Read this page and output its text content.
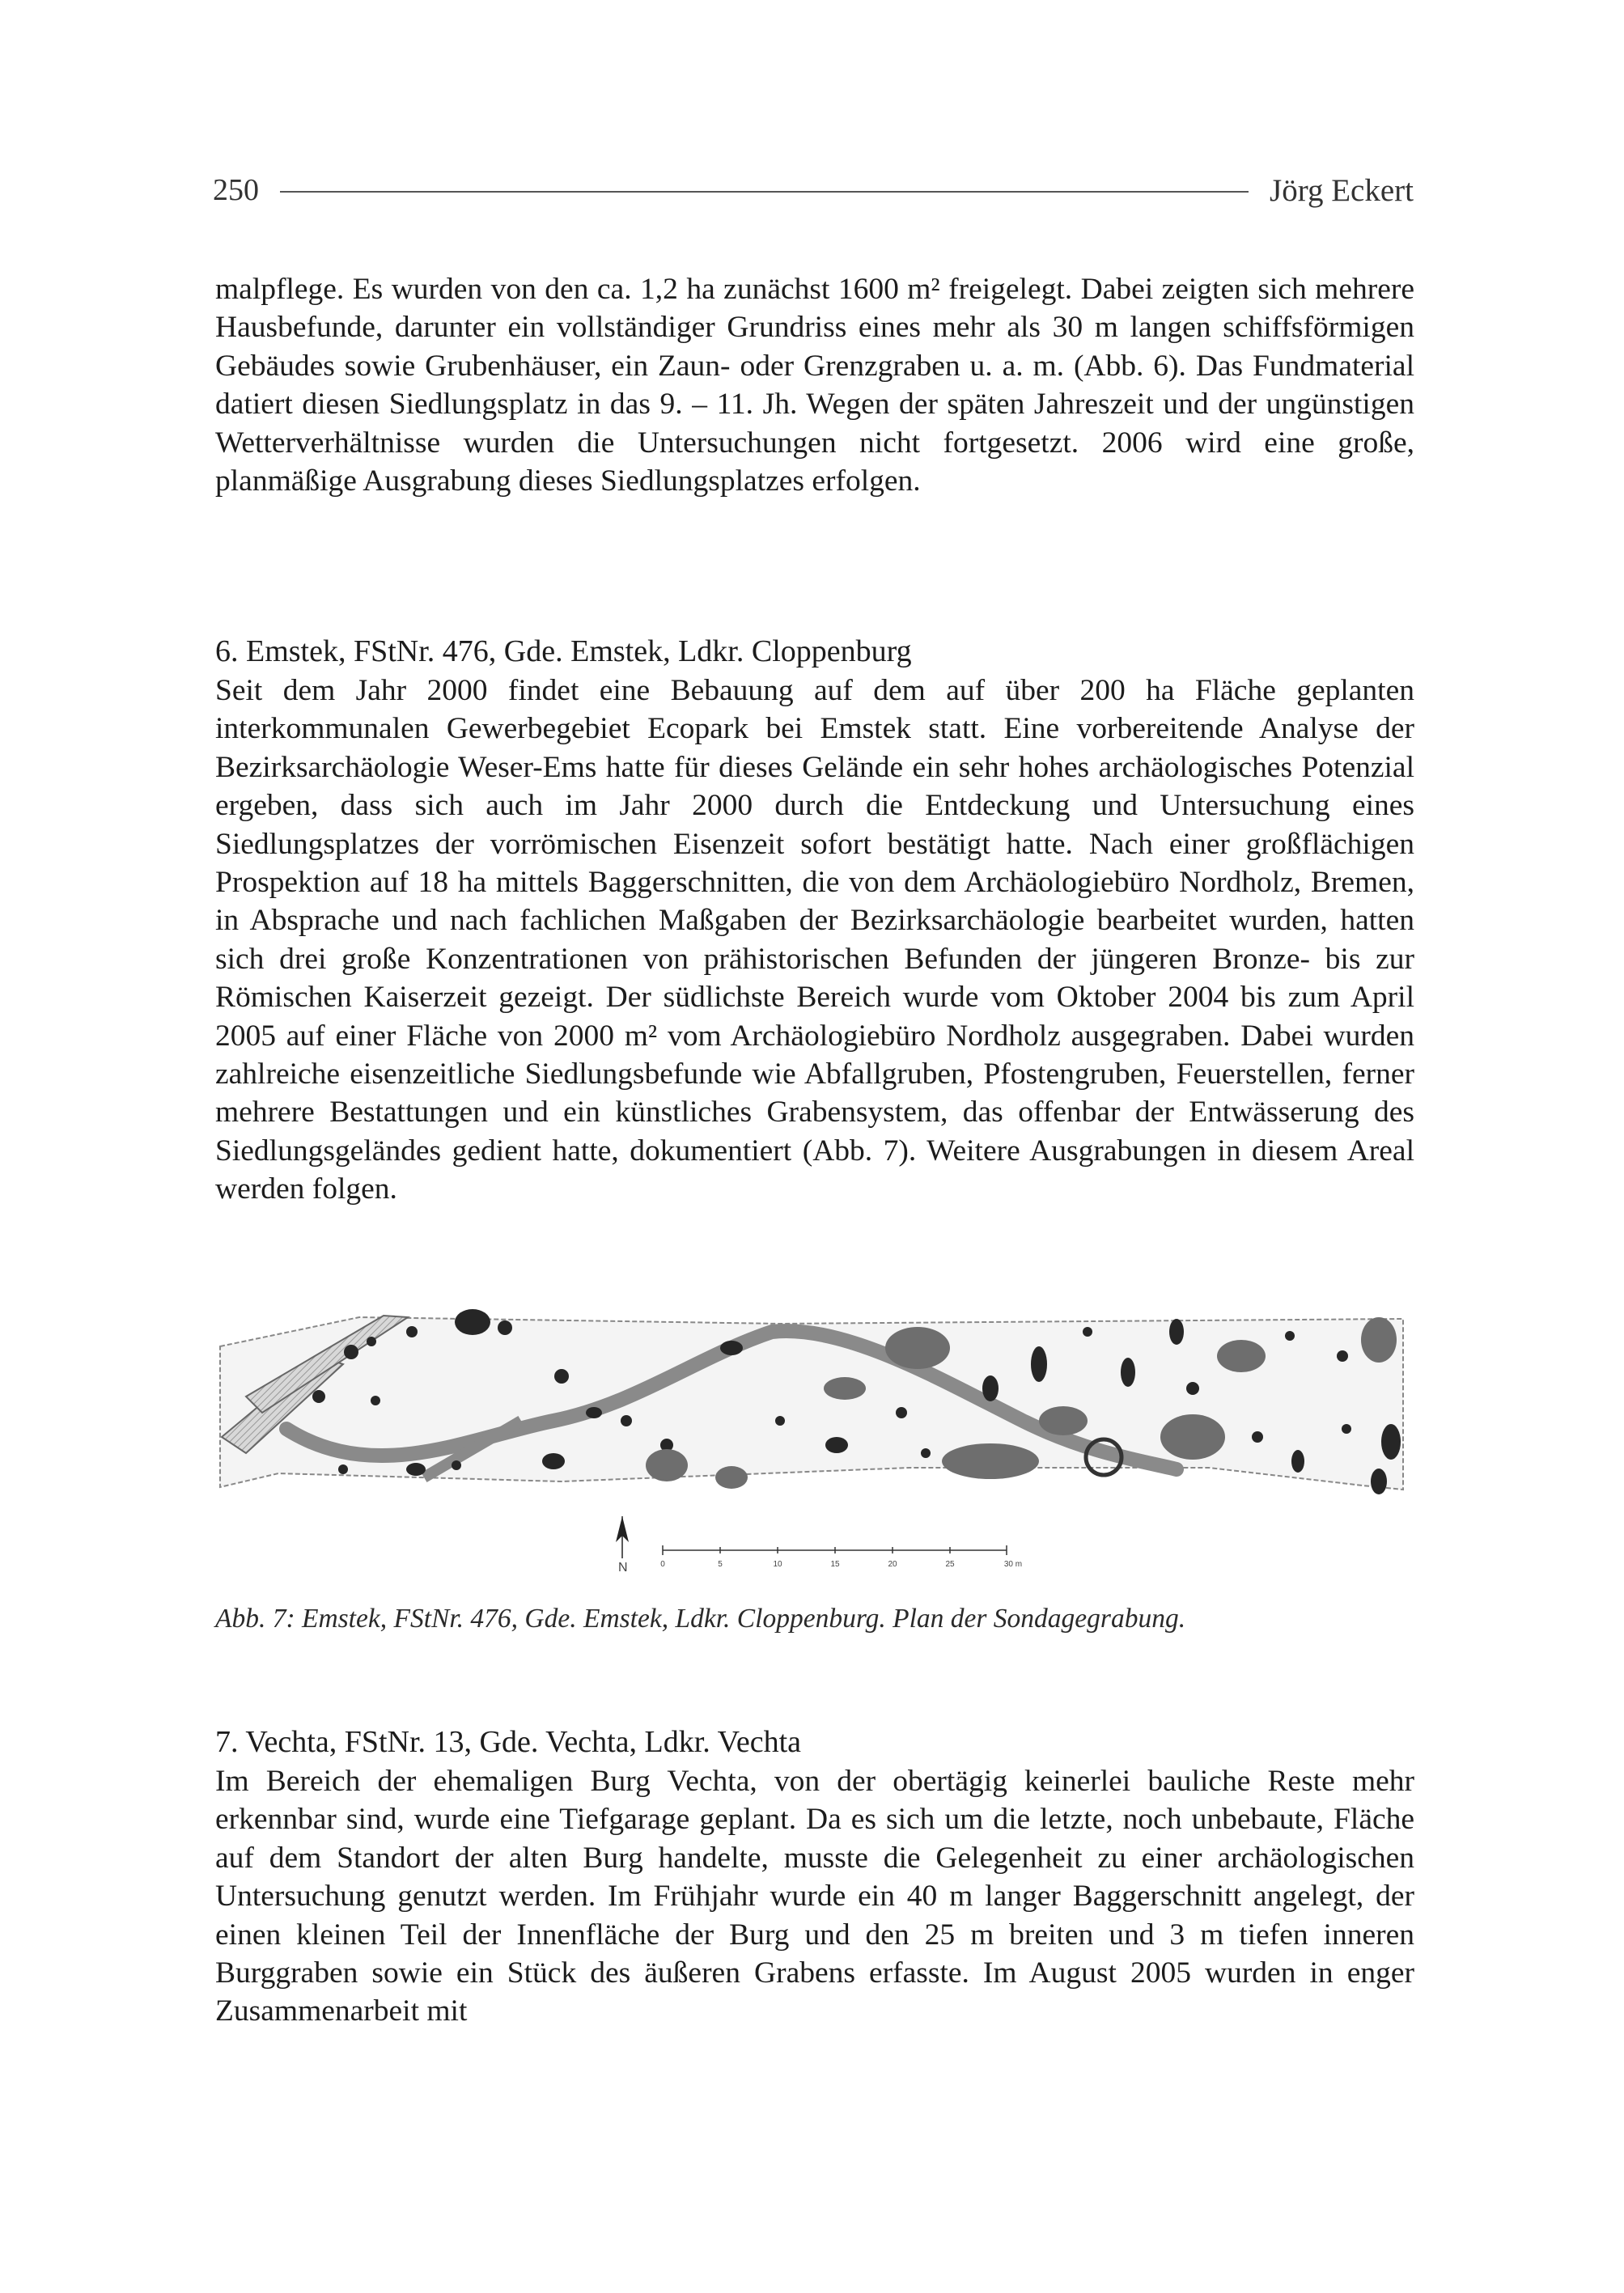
250	Jörg Eckert

malpflege. Es wurden von den ca. 1,2 ha zunächst 1600 m² freigelegt. Dabei zeigten sich mehrere Hausbefunde, darunter ein vollständiger Grundriss eines mehr als 30 m langen schiffsförmigen Gebäudes sowie Grubenhäuser, ein Zaun- oder Grenzgraben u. a. m. (Abb. 6). Das Fundmaterial datiert diesen Siedlungsplatz in das 9. – 11. Jh. Wegen der späten Jahreszeit und der ungünstigen Wetterverhältnisse wurden die Untersuchungen nicht fortgesetzt. 2006 wird eine große, planmäßige Ausgrabung dieses Siedlungsplatzes erfolgen.

6. Emstek, FStNr. 476, Gde. Emstek, Ldkr. Cloppenburg

Seit dem Jahr 2000 findet eine Bebauung auf dem auf über 200 ha Fläche geplanten interkommunalen Gewerbegebiet Ecopark bei Emstek statt. Eine vorbereitende Analyse der Bezirksarchäologie Weser-Ems hatte für dieses Gelände ein sehr hohes archäologisches Potenzial ergeben, dass sich auch im Jahr 2000 durch die Entdeckung und Untersuchung eines Siedlungsplatzes der vorrömischen Eisenzeit sofort bestätigt hatte. Nach einer großflächigen Prospektion auf 18 ha mittels Baggerschnitten, die von dem Archäologiebüro Nordholz, Bremen, in Absprache und nach fachlichen Maßgaben der Bezirksarchäologie bearbeitet wurden, hatten sich drei große Konzentrationen von prähistorischen Befunden der jüngeren Bronze- bis zur Römischen Kaiserzeit gezeigt. Der südlichste Bereich wurde vom Oktober 2004 bis zum April 2005 auf einer Fläche von 2000 m² vom Archäologiebüro Nordholz ausgegraben. Dabei wurden zahlreiche eisenzeitliche Siedlungsbefunde wie Abfallgruben, Pfostengruben, Feuerstellen, ferner mehrere Bestattungen und ein künstliches Grabensystem, das offenbar der Entwässerung des Siedlungsgeländes gedient hatte, dokumentiert (Abb. 7). Weitere Ausgrabungen in diesem Areal werden folgen.

N	0	5	10	15	20	25	30 m

Abb. 7: Emstek, FStNr. 476, Gde. Emstek, Ldkr. Cloppenburg. Plan der Sondagegrabung.

7. Vechta, FStNr. 13, Gde. Vechta, Ldkr. Vechta

Im Bereich der ehemaligen Burg Vechta, von der obertägig keinerlei bauliche Reste mehr erkennbar sind, wurde eine Tiefgarage geplant. Da es sich um die letzte, noch unbebaute, Fläche auf dem Standort der alten Burg handelte, musste die Gelegenheit zu einer archäologischen Untersuchung genutzt werden. Im Frühjahr wurde ein 40 m langer Baggerschnitt angelegt, der einen kleinen Teil der Innenfläche der Burg und den 25 m breiten und 3 m tiefen inneren Burggraben sowie ein Stück des äußeren Grabens erfasste. Im August 2005 wurden in enger Zusammenarbeit mit
